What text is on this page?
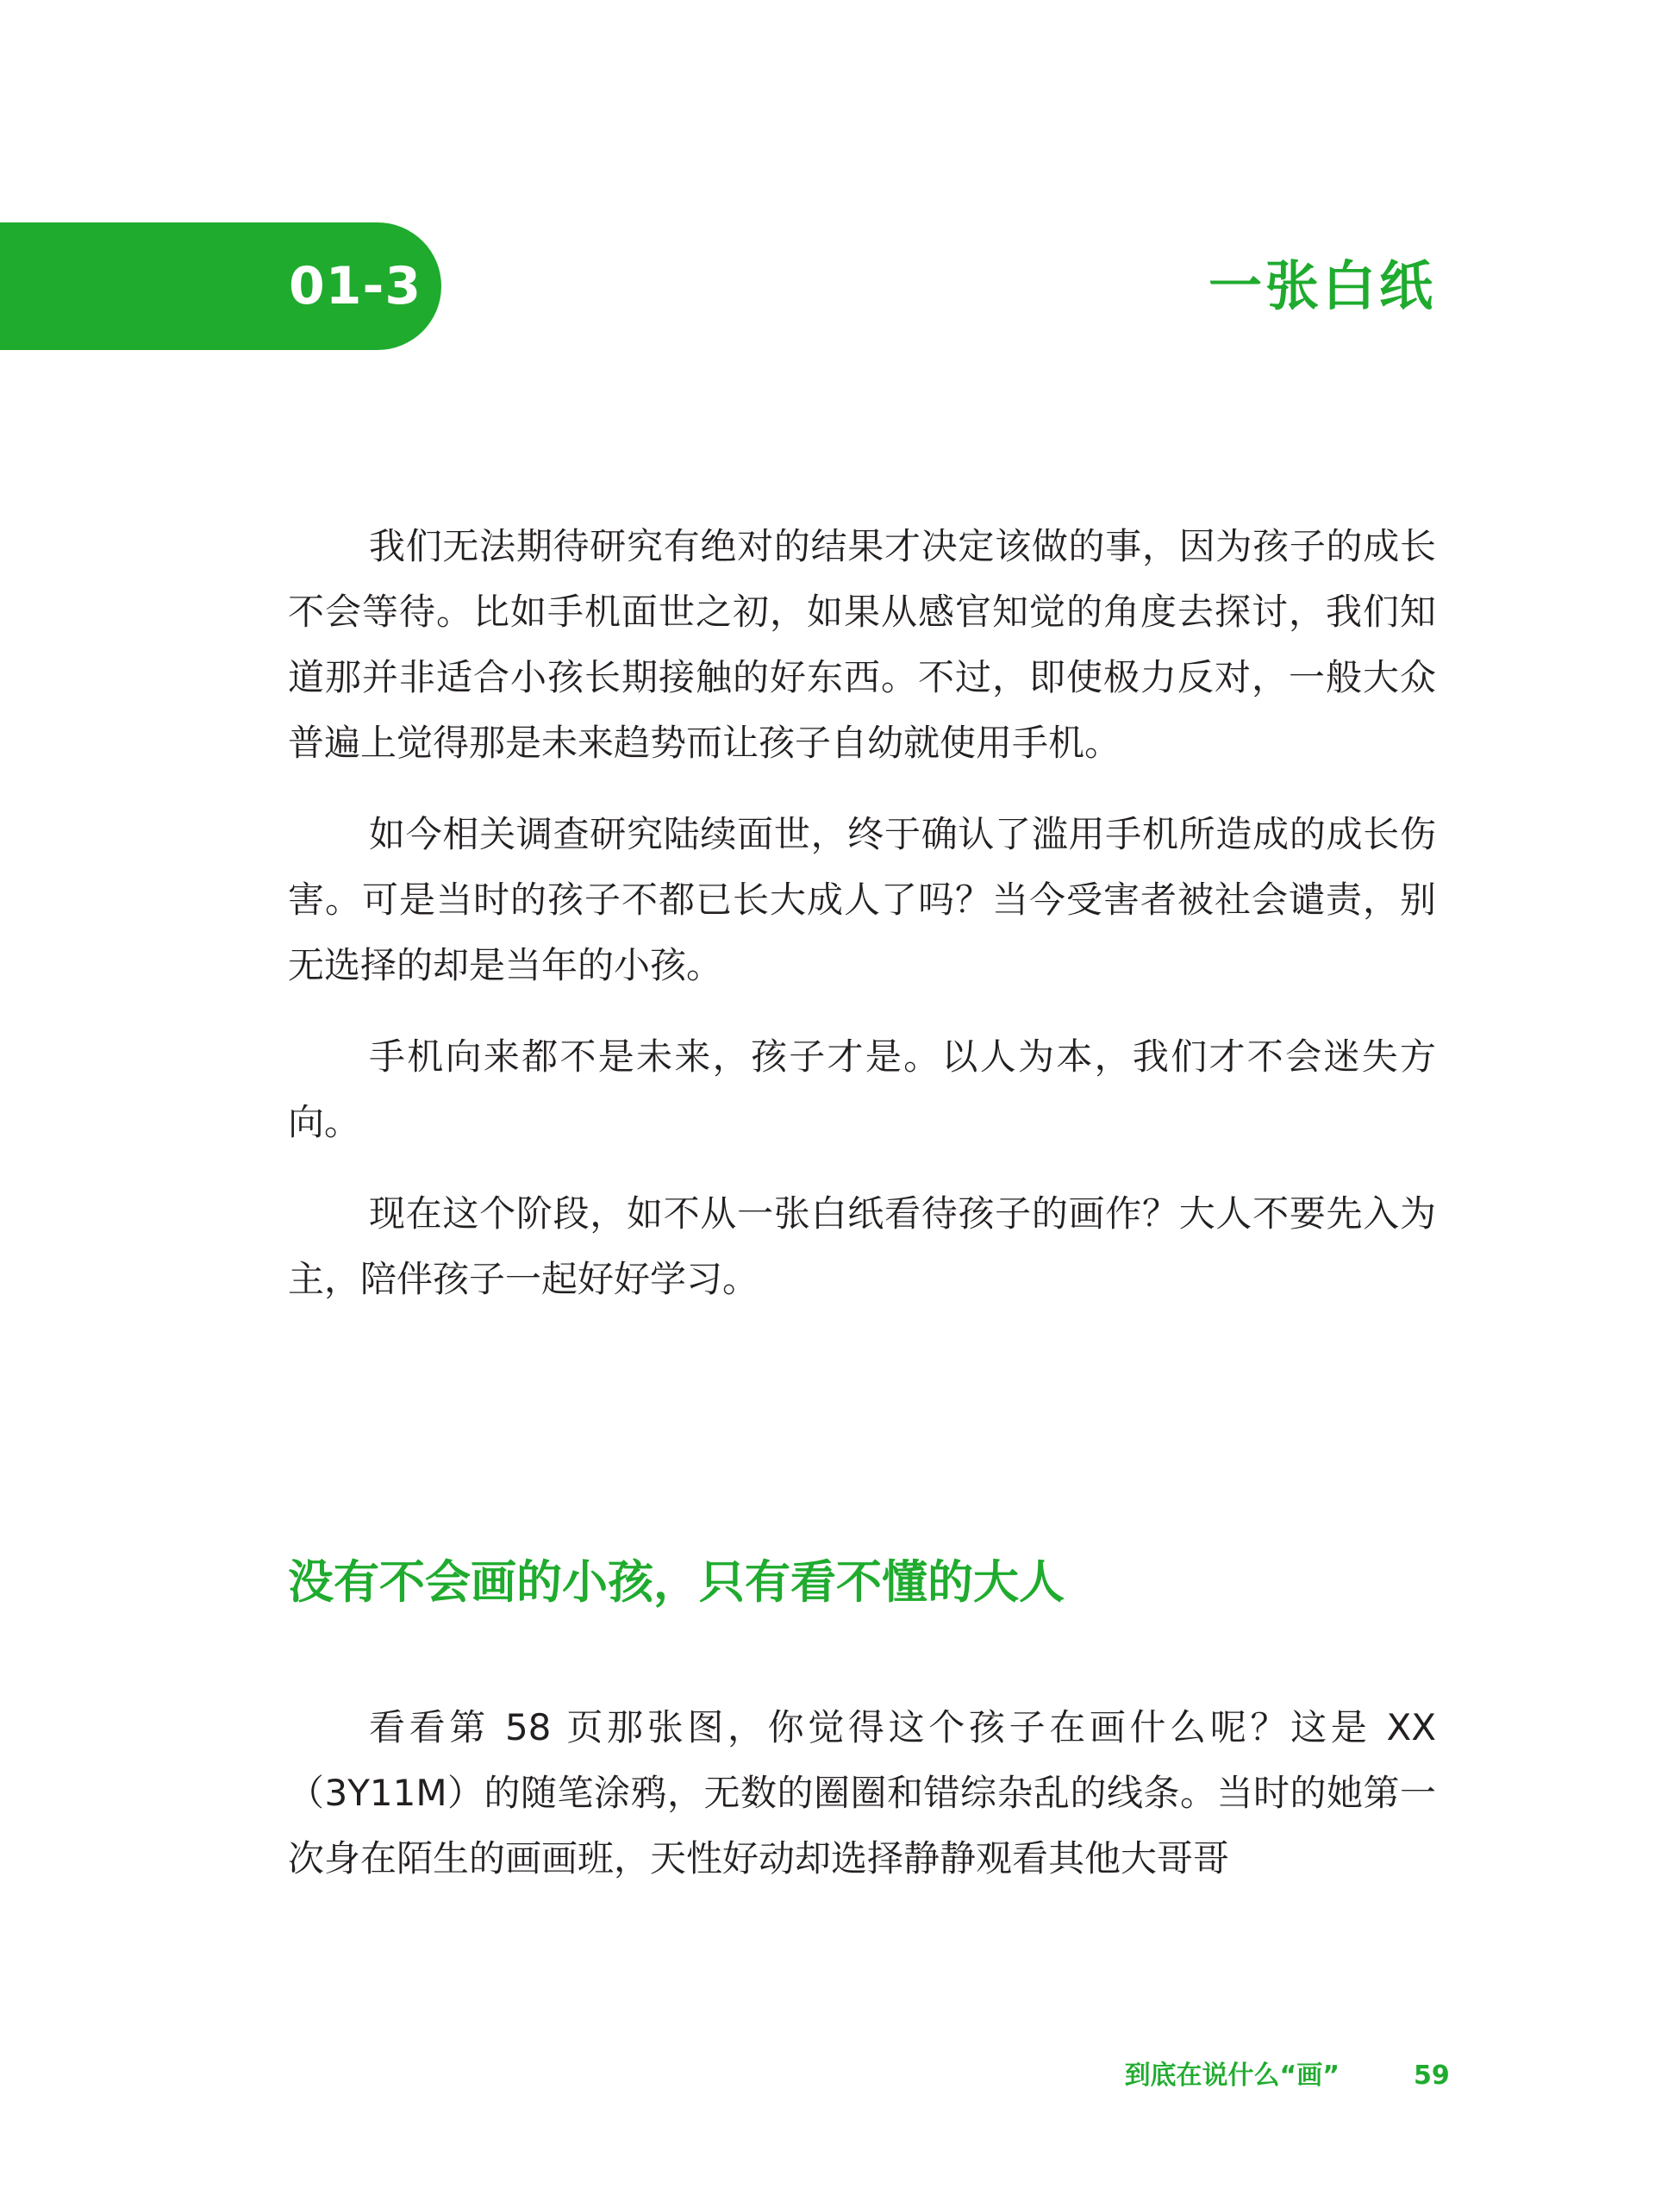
01-3	一张白纸

我们无法期待研究有绝对的结果才决定该做的事，因为孩子的成长不会等待。比如手机面世之初，如果从感官知觉的角度去探讨，我们知道那并非适合小孩长期接触的好东西。不过，即使极力反对，一般大众普遍上觉得那是未来趋势而让孩子自幼就使用手机。

如今相关调查研究陆续面世，终于确认了滥用手机所造成的成长伤害。可是当时的孩子不都已长大成人了吗？当今受害者被社会谴责，别无选择的却是当年的小孩。

手机向来都不是未来，孩子才是。以人为本，我们才不会迷失方向。

现在这个阶段，如不从一张白纸看待孩子的画作？大人不要先入为主，陪伴孩子一起好好学习。

没有不会画的小孩，只有看不懂的大人

看看第 58 页那张图，你觉得这个孩子在画什么呢？这是 XX（3Y11M）的随笔涂鸦，无数的圈圈和错综杂乱的线条。当时的她第一次身在陌生的画画班，天性好动却选择静静观看其他大哥哥

到底在说什么“画”	59
